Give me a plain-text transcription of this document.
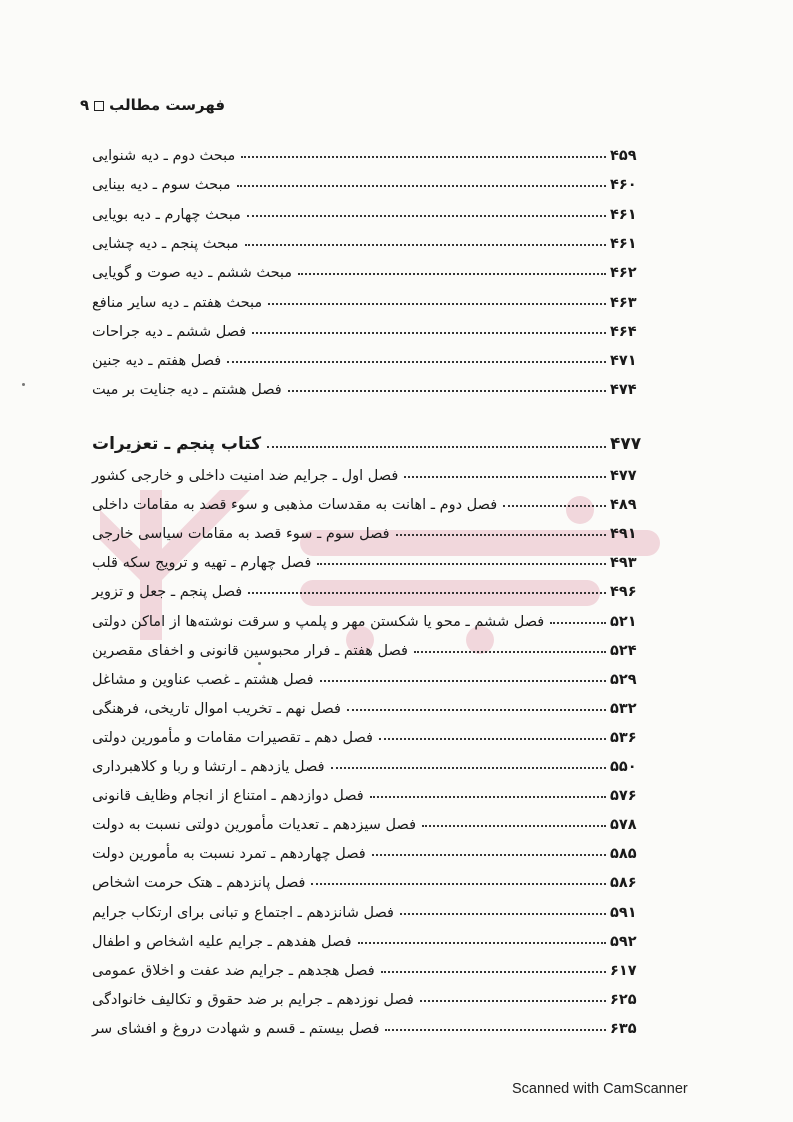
فهرست مطالب۹
مبحث دوم ـ دیه شنوایی	۴۵۹
مبحث سوم ـ دیه بینایی	۴۶۰
مبحث چهارم ـ دیه بویایی	۴۶۱
مبحث پنجم ـ دیه چشایی	۴۶۱
مبحث ششم ـ دیه صوت و گویایی	۴۶۲
مبحث هفتم ـ دیه سایر منافع	۴۶۳
فصل ششم ـ دیه جراحات	۴۶۴
فصل هفتم ـ دیه جنین	۴۷۱
فصل هشتم ـ دیه جنایت بر میت	۴۷۴
کتاب پنجم ـ تعزیرات	۴۷۷
فصل اول ـ جرایم ضد امنیت داخلی و خارجی کشور	۴۷۷
فصل دوم ـ اهانت به مقدسات مذهبی و سوء قصد به مقامات داخلی	۴۸۹
فصل سوم ـ سوء قصد به مقامات سیاسی خارجی	۴۹۱
فصل چهارم ـ تهیه و ترویج سکه قلب	۴۹۳
فصل پنجم ـ جعل و تزویر	۴۹۶
فصل ششم ـ محو یا شکستن مهر و پلمپ و سرقت نوشته‌ها از اماکن دولتی	۵۲۱
فصل هفتم ـ فرار محبوسین قانونی و اخفای مقصرین	۵۲۴
فصل هشتم ـ غصب عناوین و مشاغل	۵۲۹
فصل نهم ـ تخریب اموال تاریخی، فرهنگی	۵۳۲
فصل دهم ـ تقصیرات مقامات و مأمورین دولتی	۵۳۶
فصل یازدهم ـ ارتشا و ربا و کلاهبرداری	۵۵۰
فصل دوازدهم ـ امتناع از انجام وظایف قانونی	۵۷۶
فصل سیزدهم ـ تعدیات مأمورین دولتی نسبت به دولت	۵۷۸
فصل چهاردهم ـ تمرد نسبت به مأمورین دولت	۵۸۵
فصل پانزدهم ـ هتک حرمت اشخاص	۵۸۶
فصل شانزدهم ـ اجتماع و تبانی برای ارتکاب جرایم	۵۹۱
فصل هفدهم ـ جرایم علیه اشخاص و اطفال	۵۹۲
فصل هجدهم ـ جرایم ضد عفت و اخلاق عمومی	۶۱۷
فصل نوزدهم ـ جرایم بر ضد حقوق و تکالیف خانوادگی	۶۲۵
فصل بیستم ـ قسم و شهادت دروغ و افشای سر	۶۳۵
Scanned with CamScanner
